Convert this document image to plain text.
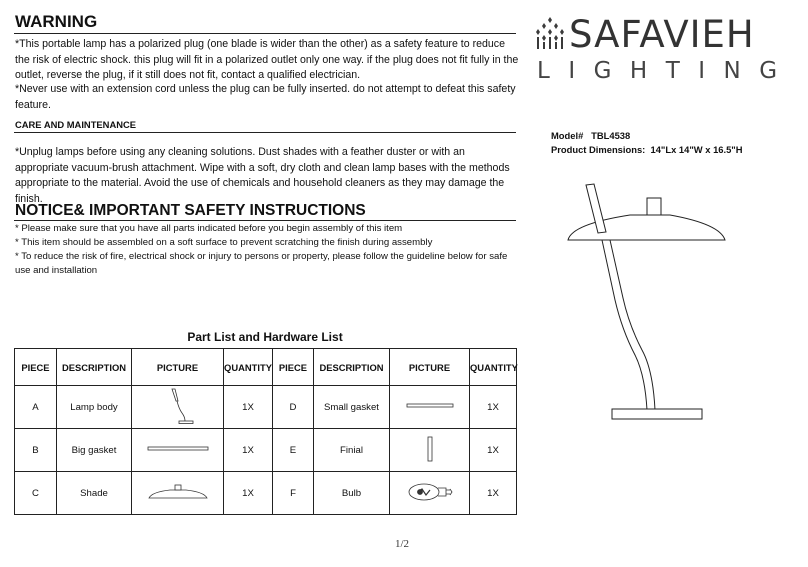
WARNING
*This portable lamp has a polarized plug (one blade is wider than the other) as a safety feature to reduce the risk of electric shock. this plug will fit in a polarized outlet only one way. if the plug does not fit fully in the outlet, reverse the plug, if it still does not fit, contact a qualified electrician.
*Never use with an extension cord unless the plug can be fully inserted. do not attempt to defeat this safety feature.
CARE AND MAINTENANCE
*Unplug lamps before using any cleaning solutions. Dust shades with a feather duster or with an appropriate vacuum-brush attachment. Wipe with a soft, dry cloth and clean lamp bases with the methods appropriate to the material. Avoid the use of chemicals and household cleaners as they may damage the finish.
NOTICE& IMPORTANT SAFETY INSTRUCTIONS
* Please make sure that you have all parts indicated before you begin assembly of this item
* This item should be assembled on a soft surface to prevent scratching the finish during assembly
* To reduce the risk of fire, electrical shock or injury to persons or property, please follow the guideline below for safe use and installation
SAFAVIEH
LIGHTING
Model# TBL4538
Product Dimensions: 14"Lx 14"W x 16.5"H
Part List and Hardware List
PIECE	DESCRIPTION	PICTURE	QUANTITY	PIECE	DESCRIPTION	PICTURE	QUANTITY
A	Lamp body		1X	D	Small gasket		1X
B	Big gasket		1X	E	Finial		1X
C	Shade		1X	F	Bulb		1X
1/2
